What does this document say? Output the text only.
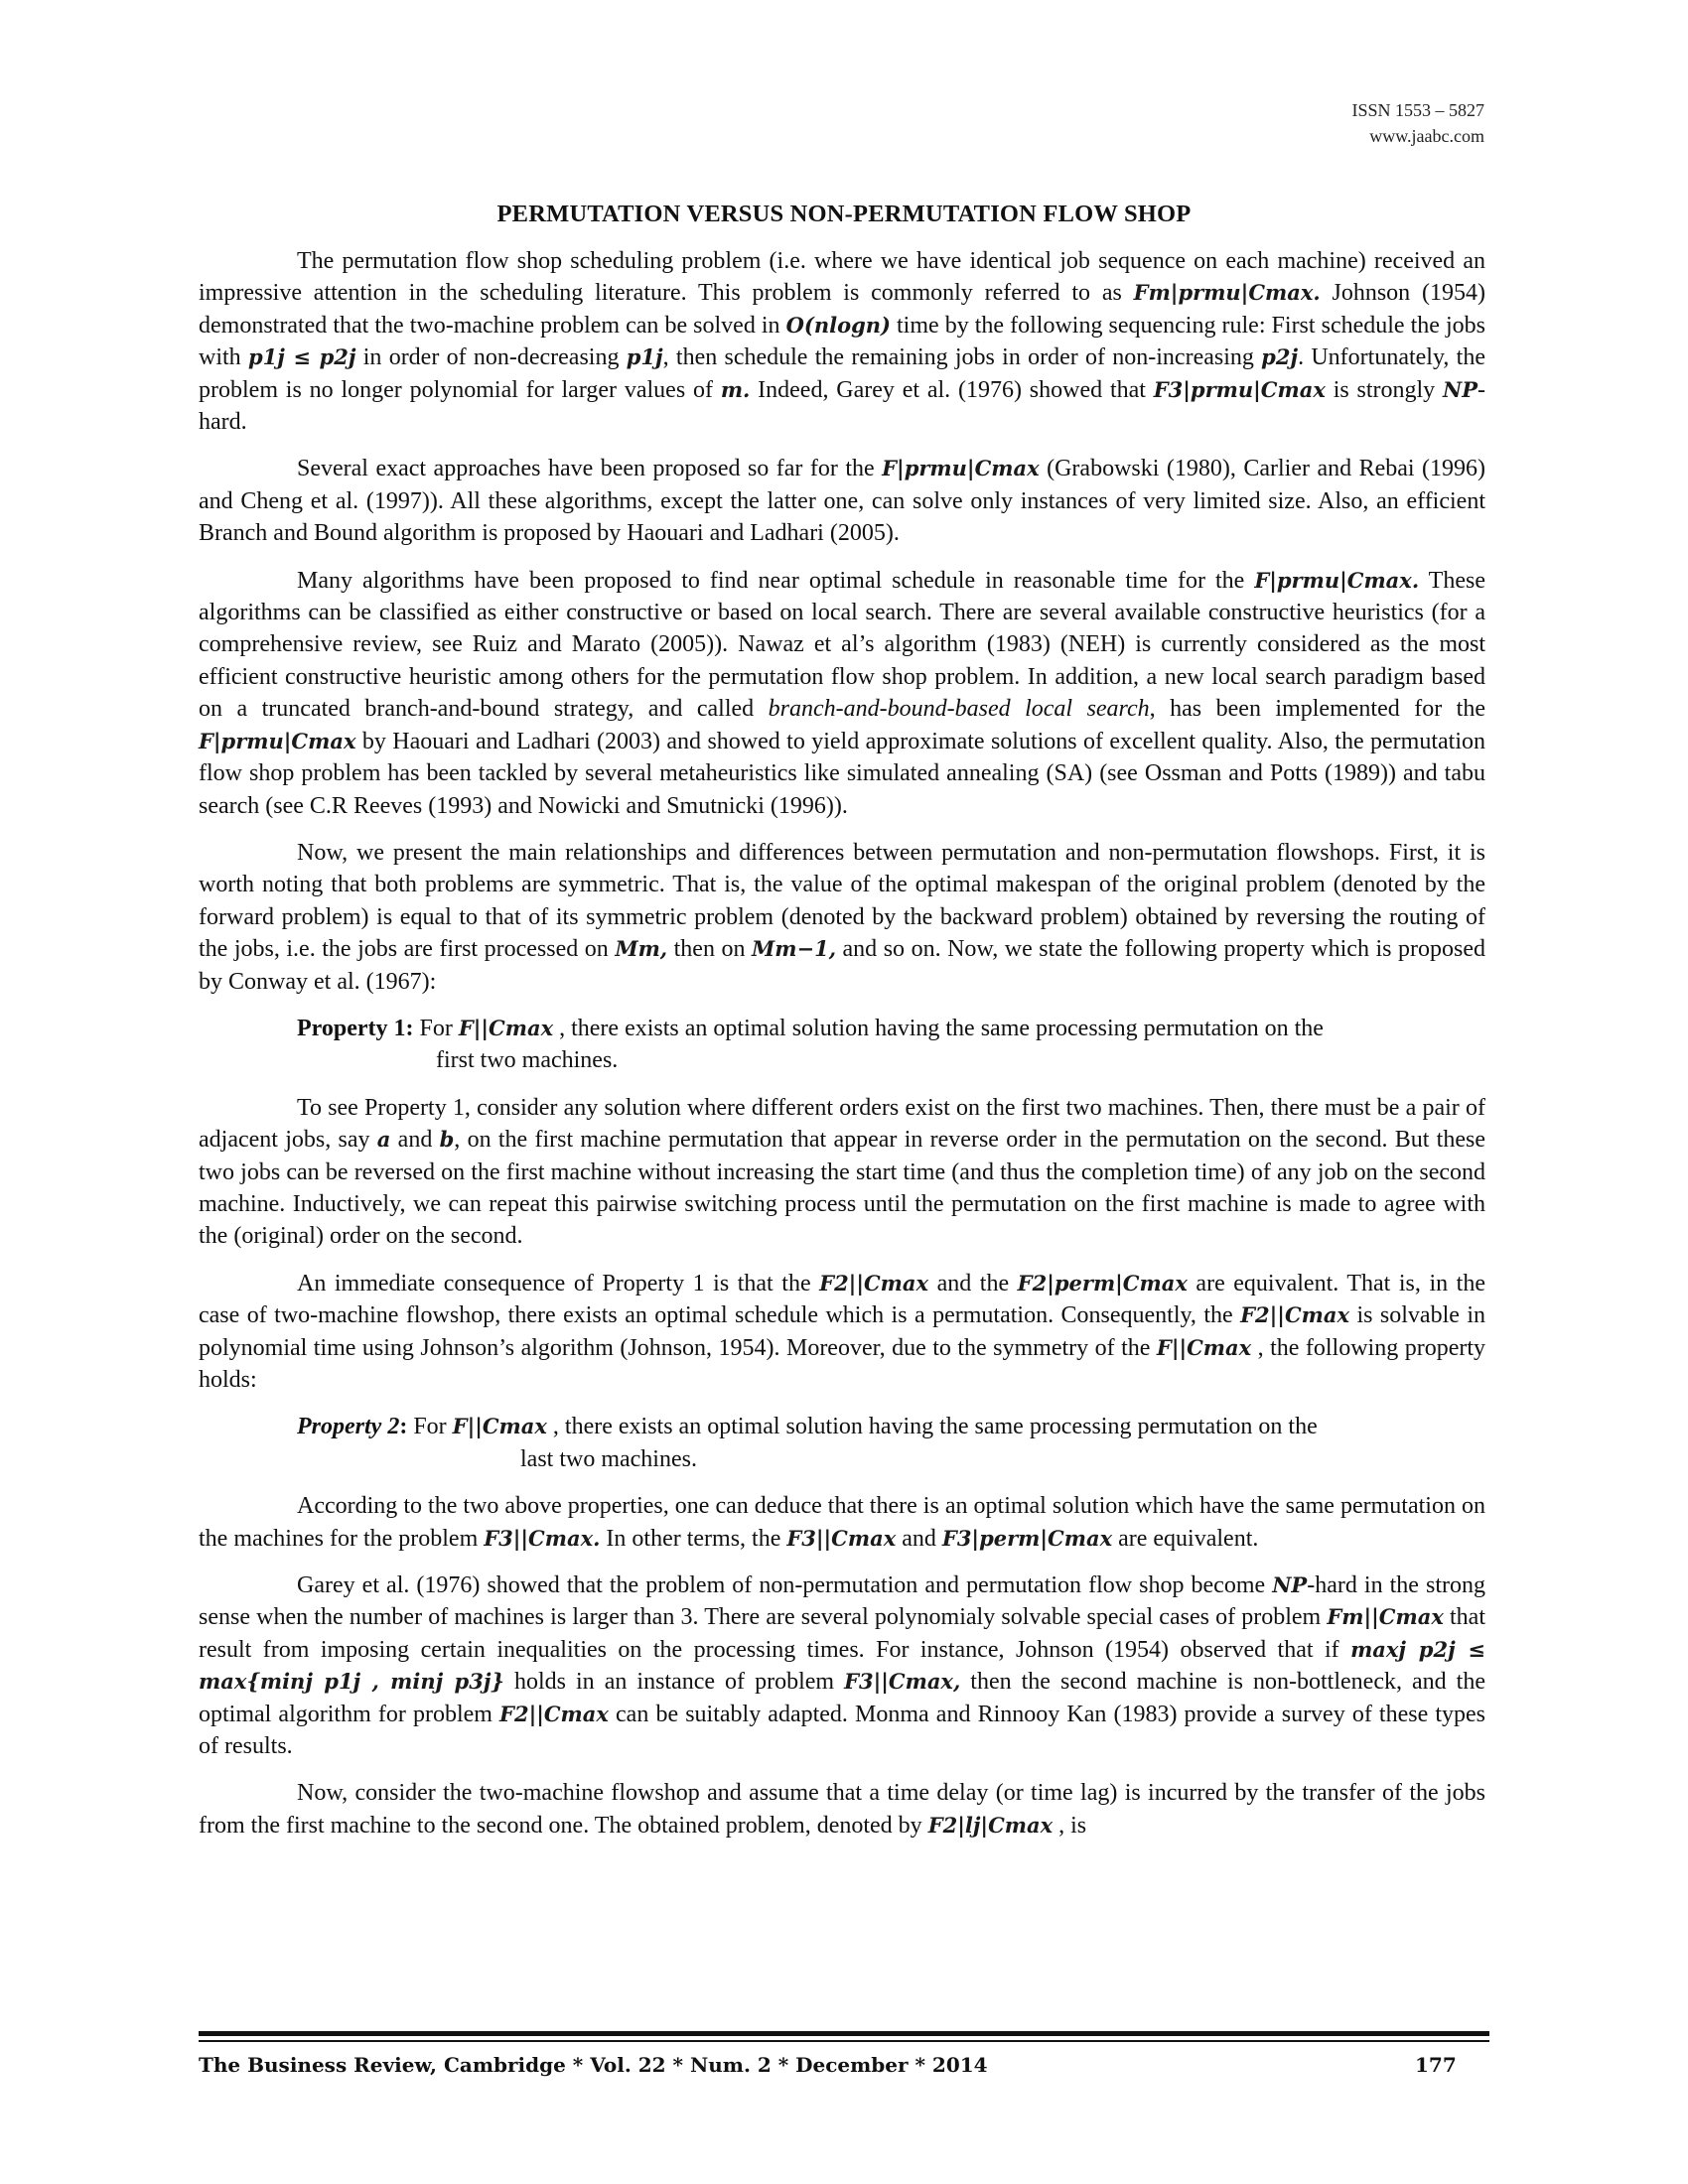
ISSN 1553 – 5827
www.jaabc.com
PERMUTATION VERSUS NON-PERMUTATION FLOW SHOP

The permutation flow shop scheduling problem (i.e. where we have identical job sequence on each machine) received an impressive attention in the scheduling literature. This problem is commonly referred to as Fm|prmu|Cmax. Johnson (1954) demonstrated that the two-machine problem can be solved in O(nlogn) time by the following sequencing rule: First schedule the jobs with p1j ≤ p2j in order of non-decreasing p1j, then schedule the remaining jobs in order of non-increasing p2j. Unfortunately, the problem is no longer polynomial for larger values of m. Indeed, Garey et al. (1976) showed that F3|prmu|Cmax is strongly NP-hard.

Several exact approaches have been proposed so far for the F|prmu|Cmax (Grabowski (1980), Carlier and Rebai (1996) and Cheng et al. (1997)). All these algorithms, except the latter one, can solve only instances of very limited size. Also, an efficient Branch and Bound algorithm is proposed by Haouari and Ladhari (2005).

Many algorithms have been proposed to find near optimal schedule in reasonable time for the F|prmu|Cmax. These algorithms can be classified as either constructive or based on local search. There are several available constructive heuristics (for a comprehensive review, see Ruiz and Marato (2005)). Nawaz et al’s algorithm (1983) (NEH) is currently considered as the most efficient constructive heuristic among others for the permutation flow shop problem. In addition, a new local search paradigm based on a truncated branch-and-bound strategy, and called branch-and-bound-based local search, has been implemented for the F|prmu|Cmax by Haouari and Ladhari (2003) and showed to yield approximate solutions of excellent quality. Also, the permutation flow shop problem has been tackled by several metaheuristics like simulated annealing (SA) (see Ossman and Potts (1989)) and tabu search (see C.R Reeves (1993) and Nowicki and Smutnicki (1996)).

Now, we present the main relationships and differences between permutation and non-permutation flowshops. First, it is worth noting that both problems are symmetric. That is, the value of the optimal makespan of the original problem (denoted by the forward problem) is equal to that of its symmetric problem (denoted by the backward problem) obtained by reversing the routing of the jobs, i.e. the jobs are first processed on Mm, then on Mm−1, and so on. Now, we state the following property which is proposed by Conway et al. (1967):

Property 1: For F||Cmax , there exists an optimal solution having the same processing permutation on the
first two machines.

To see Property 1, consider any solution where different orders exist on the first two machines. Then, there must be a pair of adjacent jobs, say a and b, on the first machine permutation that appear in reverse order in the permutation on the second. But these two jobs can be reversed on the first machine without increasing the start time (and thus the completion time) of any job on the second machine. Inductively, we can repeat this pairwise switching process until the permutation on the first machine is made to agree with the (original) order on the second.

An immediate consequence of Property 1 is that the F2||Cmax and the F2|perm|Cmax are equivalent. That is, in the case of two-machine flowshop, there exists an optimal schedule which is a permutation. Consequently, the F2||Cmax is solvable in polynomial time using Johnson’s algorithm (Johnson, 1954). Moreover, due to the symmetry of the F||Cmax , the following property holds:

Property 2: For F||Cmax , there exists an optimal solution having the same processing permutation on the
last two machines.

According to the two above properties, one can deduce that there is an optimal solution which have the same permutation on the machines for the problem F3||Cmax. In other terms, the F3||Cmax and F3|perm|Cmax are equivalent.

Garey et al. (1976) showed that the problem of non-permutation and permutation flow shop become NP-hard in the strong sense when the number of machines is larger than 3. There are several polynomialy solvable special cases of problem Fm||Cmax that result from imposing certain inequalities on the processing times. For instance, Johnson (1954) observed that if maxj p2j ≤ max{minj p1j , minj p3j} holds in an instance of problem F3||Cmax, then the second machine is non-bottleneck, and the optimal algorithm for problem F2||Cmax can be suitably adapted. Monma and Rinnooy Kan (1983) provide a survey of these types of results.

Now, consider the two-machine flowshop and assume that a time delay (or time lag) is incurred by the transfer of the jobs from the first machine to the second one. The obtained problem, denoted by F2|lj|Cmax , is

The Business Review, Cambridge * Vol. 22 * Num. 2 * December * 2014	177
